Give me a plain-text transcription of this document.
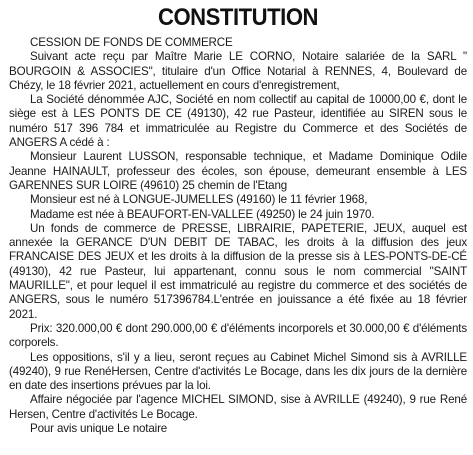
CONSTITUTION

CESSION DE FONDS DE COMMERCE

Suivant acte reçu par Maître Marie LE CORNO, Notaire salariée de la SARL " BOURGOIN & ASSOCIES", titulaire d'un Office Notarial à RENNES, 4, Boulevard de Chézy, le 18 février 2021, actuellement en cours d'enregistrement,

La Société dénommée AJC, Société en nom collectif au capital de 10000,00 €, dont le siège est à LES PONTS DE CE (49130), 42 rue Pasteur, identifiée au SIREN sous le numéro 517 396 784 et immatriculée au Registre du Commerce et des Sociétés de ANGERS A cédé à :

Monsieur Laurent LUSSON, responsable technique, et Madame Dominique Odile Jeanne HAINAULT, professeur des écoles, son épouse, demeurant ensemble à LES GARENNES SUR LOIRE (49610) 25 chemin de l'Etang

Monsieur est né à LONGUE-JUMELLES (49160) le 11 février 1968,

Madame est née à BEAUFORT-EN-VALLEE (49250) le 24 juin 1970.

Un fonds de commerce de PRESSE, LIBRAIRIE, PAPETERIE, JEUX, auquel est annexée la GERANCE D'UN DEBIT DE TABAC, les droits à la diffusion des jeux FRANCAISE DES JEUX et les droits à la diffusion de la presse sis à LES-PONTS-DE-CÉ (49130), 42 rue Pasteur, lui appartenant, connu sous le nom commercial "SAINT MAURILLE", et pour lequel il est immatriculé au registre du commerce et des sociétés de ANGERS, sous le numéro 517396784.L'entrée en jouissance a été fixée au 18 février 2021.

Prix: 320.000,00 € dont 290.000,00 € d'éléments incorporels et 30.000,00 € d'éléments corporels.

Les oppositions, s'il y a lieu, seront reçues au Cabinet Michel Simond sis à AVRILLE (49240), 9 rue RenéHersen, Centre d'activités Le Bocage, dans les dix jours de la dernière en date des insertions prévues par la loi.

Affaire négociée par l'agence MICHEL SIMOND, sise à AVRILLE (49240), 9 rue René Hersen, Centre d'activités Le Bocage.

Pour avis unique Le notaire
